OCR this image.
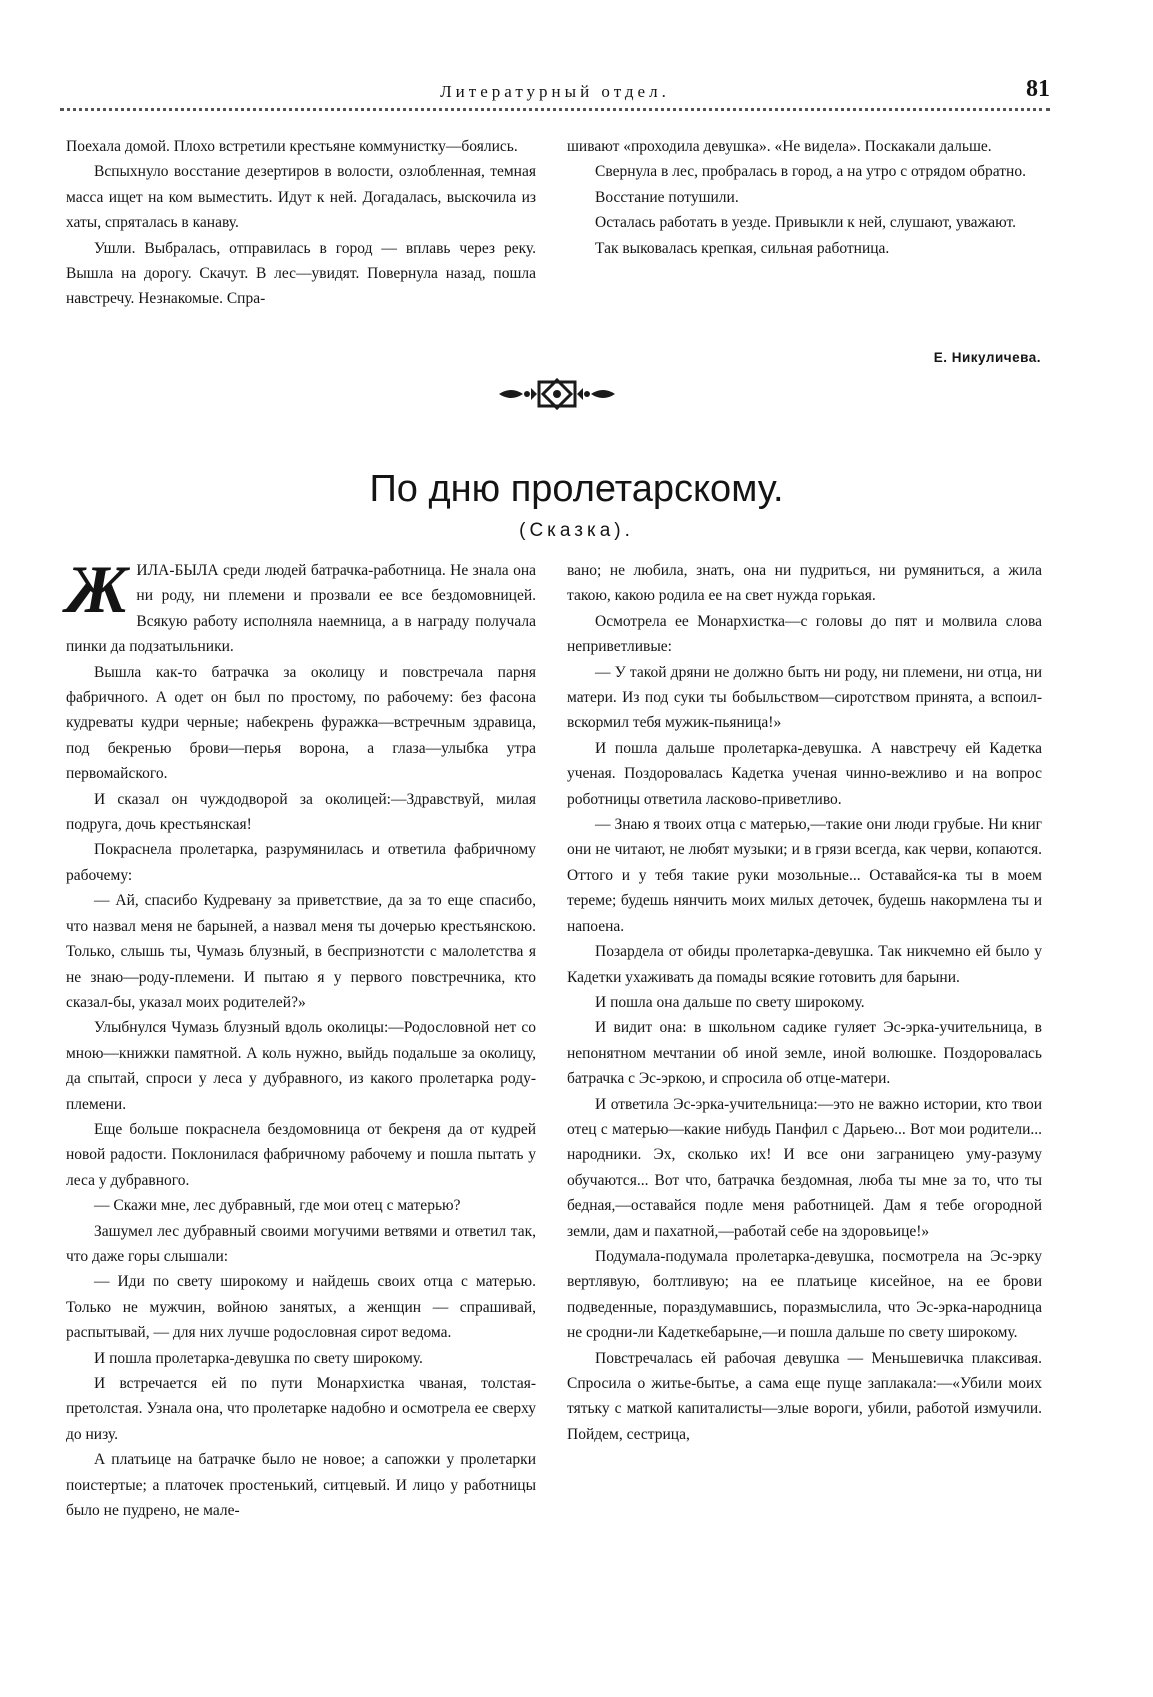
Литературный отдел.	81

Поехала домой. Плохо встретили крестьяне коммунистку—боялись.

Вспыхнуло восстание дезертиров в волости, озлобленная, темная масса ищет на ком выместить. Идут к ней. Догадалась, выскочила из хаты, спряталась в канаву.

Ушли. Выбралась, отправилась в город — вплавь через реку. Вышла на дорогу. Скачут. В лес—увидят. Повернула назад, пошла навстречу. Незнакомые. Спра-

шивают «проходила девушка». «Не видела». Поскакали дальше.

Свернула в лес, пробралась в город, а на утро с отрядом обратно.

Восстание потушили.

Осталась работать в уезде. Привыкли к ней, слушают, уважают.

Так выковалась крепкая, сильная работница.

Е. Никуличева.
По дню пролетарскому.
(Сказка).

ЖИЛА-БЫЛА среди людей батрачка-работница. Не знала она ни роду, ни племени и прозвали ее все бездомовницей. Всякую работу исполняла наемница, а в награду получала пинки да подзатыльники.

Вышла как-то батрачка за околицу и повстречала парня фабричного. А одет он был по простому, по рабочему: без фасона кудреваты кудри черные; набекрень фуражка—встречным здравица, под бекренью брови—перья ворона, а глаза—улыбка утра первомайского.

И сказал он чуждодворой за околицей:—Здравствуй, милая подруга, дочь крестьянская!

Покраснела пролетарка, разрумянилась и ответила фабричному рабочему:

— Ай, спасибо Кудревану за приветствие, да за то еще спасибо, что назвал меня не барыней, а назвал меня ты дочерью крестьянскою. Только, слышь ты, Чумазь блузный, в беспризнотсти с малолетства я не знаю—роду-племени. И пытаю я у первого повстречника, кто сказал-бы, указал моих родителей?»

Улыбнулся Чумазь блузный вдоль околицы:—Родословной нет со мною—книжки памятной. А коль нужно, выйдь подальше за околицу, да спытай, спроси у леса у дубравного, из какого пролетарка роду-племени.

Еще больше покраснела бездомовница от бекреня да от кудрей новой радости. Поклонилася фабричному рабочему и пошла пытать у леса у дубравного.

— Скажи мне, лес дубравный, где мои отец с матерью?

Зашумел лес дубравный своими могучими ветвями и ответил так, что даже горы слышали:

— Иди по свету широкому и найдешь своих отца с матерью. Только не мужчин, войною занятых, а женщин — спрашивай, распытывай, — для них лучше родословная сирот ведома.

И пошла пролетарка-девушка по свету широкому.

И встречается ей по пути Монархистка чваная, толстая-претолстая. Узнала она, что пролетарке надобно и осмотрела ее сверху до низу.

А платьице на батрачке было не новое; а сапожки у пролетарки поистертые; а платочек простенький, ситцевый. И лицо у работницы было не пудрено, не мале-

вано; не любила, знать, она ни пудриться, ни румяниться, а жила такою, какою родила ее на свет нужда горькая.

Осмотрела ее Монархистка—с головы до пят и молвила слова неприветливые:

— У такой дряни не должно быть ни роду, ни племени, ни отца, ни матери. Из под суки ты бобыльством—сиротством принята, а вспоил-вскормил тебя мужик-пьяница!»

И пошла дальше пролетарка-девушка. А навстречу ей Кадетка ученая. Поздоровалась Кадетка ученая чинно-вежливо и на вопрос роботницы ответила ласково-приветливо.

— Знаю я твоих отца с матерью,—такие они люди грубые. Ни книг они не читают, не любят музыки; и в грязи всегда, как черви, копаются. Оттого и у тебя такие руки мозольные... Оставайся-ка ты в моем тереме; будешь нянчить моих милых деточек, будешь накормлена ты и напоена.

Позардела от обиды пролетарка-девушка. Так никчемно ей было у Кадетки ухаживать да помады всякие готовить для барыни.

И пошла она дальше по свету широкому.

И видит она: в школьном садике гуляет Эс-эрка-учительница, в непонятном мечтании об иной земле, иной волюшке. Поздоровалась батрачка с Эс-эркою, и спросила об отце-матери.

И ответила Эс-эрка-учительница:—это не важно истории, кто твои отец с матерью—какие нибудь Панфил с Дарьею... Вот мои родители... народники. Эх, сколько их! И все они заграницею уму-разуму обучаются... Вот что, батрачка бездомная, люба ты мне за то, что ты бедная,—оставайся подле меня работницей. Дам я тебе огородной земли, дам и пахатной,—работай себе на здоровьице!»

Подумала-подумала пролетарка-девушка, посмотрела на Эс-эрку вертлявую, болтливую; на ее платьице кисейное, на ее брови подведенные, пораздумавшись, поразмыслила, что Эс-эрка-народница не сродни-ли Кадеткебарыне,—и пошла дальше по свету широкому.

Повстречалась ей рабочая девушка — Меньшевичка плаксивая. Спросила о житье-бытье, а сама еще пуще заплакала:—«Убили моих тятьку с маткой капиталисты—злые вороги, убили, работой измучили. Пойдем, сестрица,
